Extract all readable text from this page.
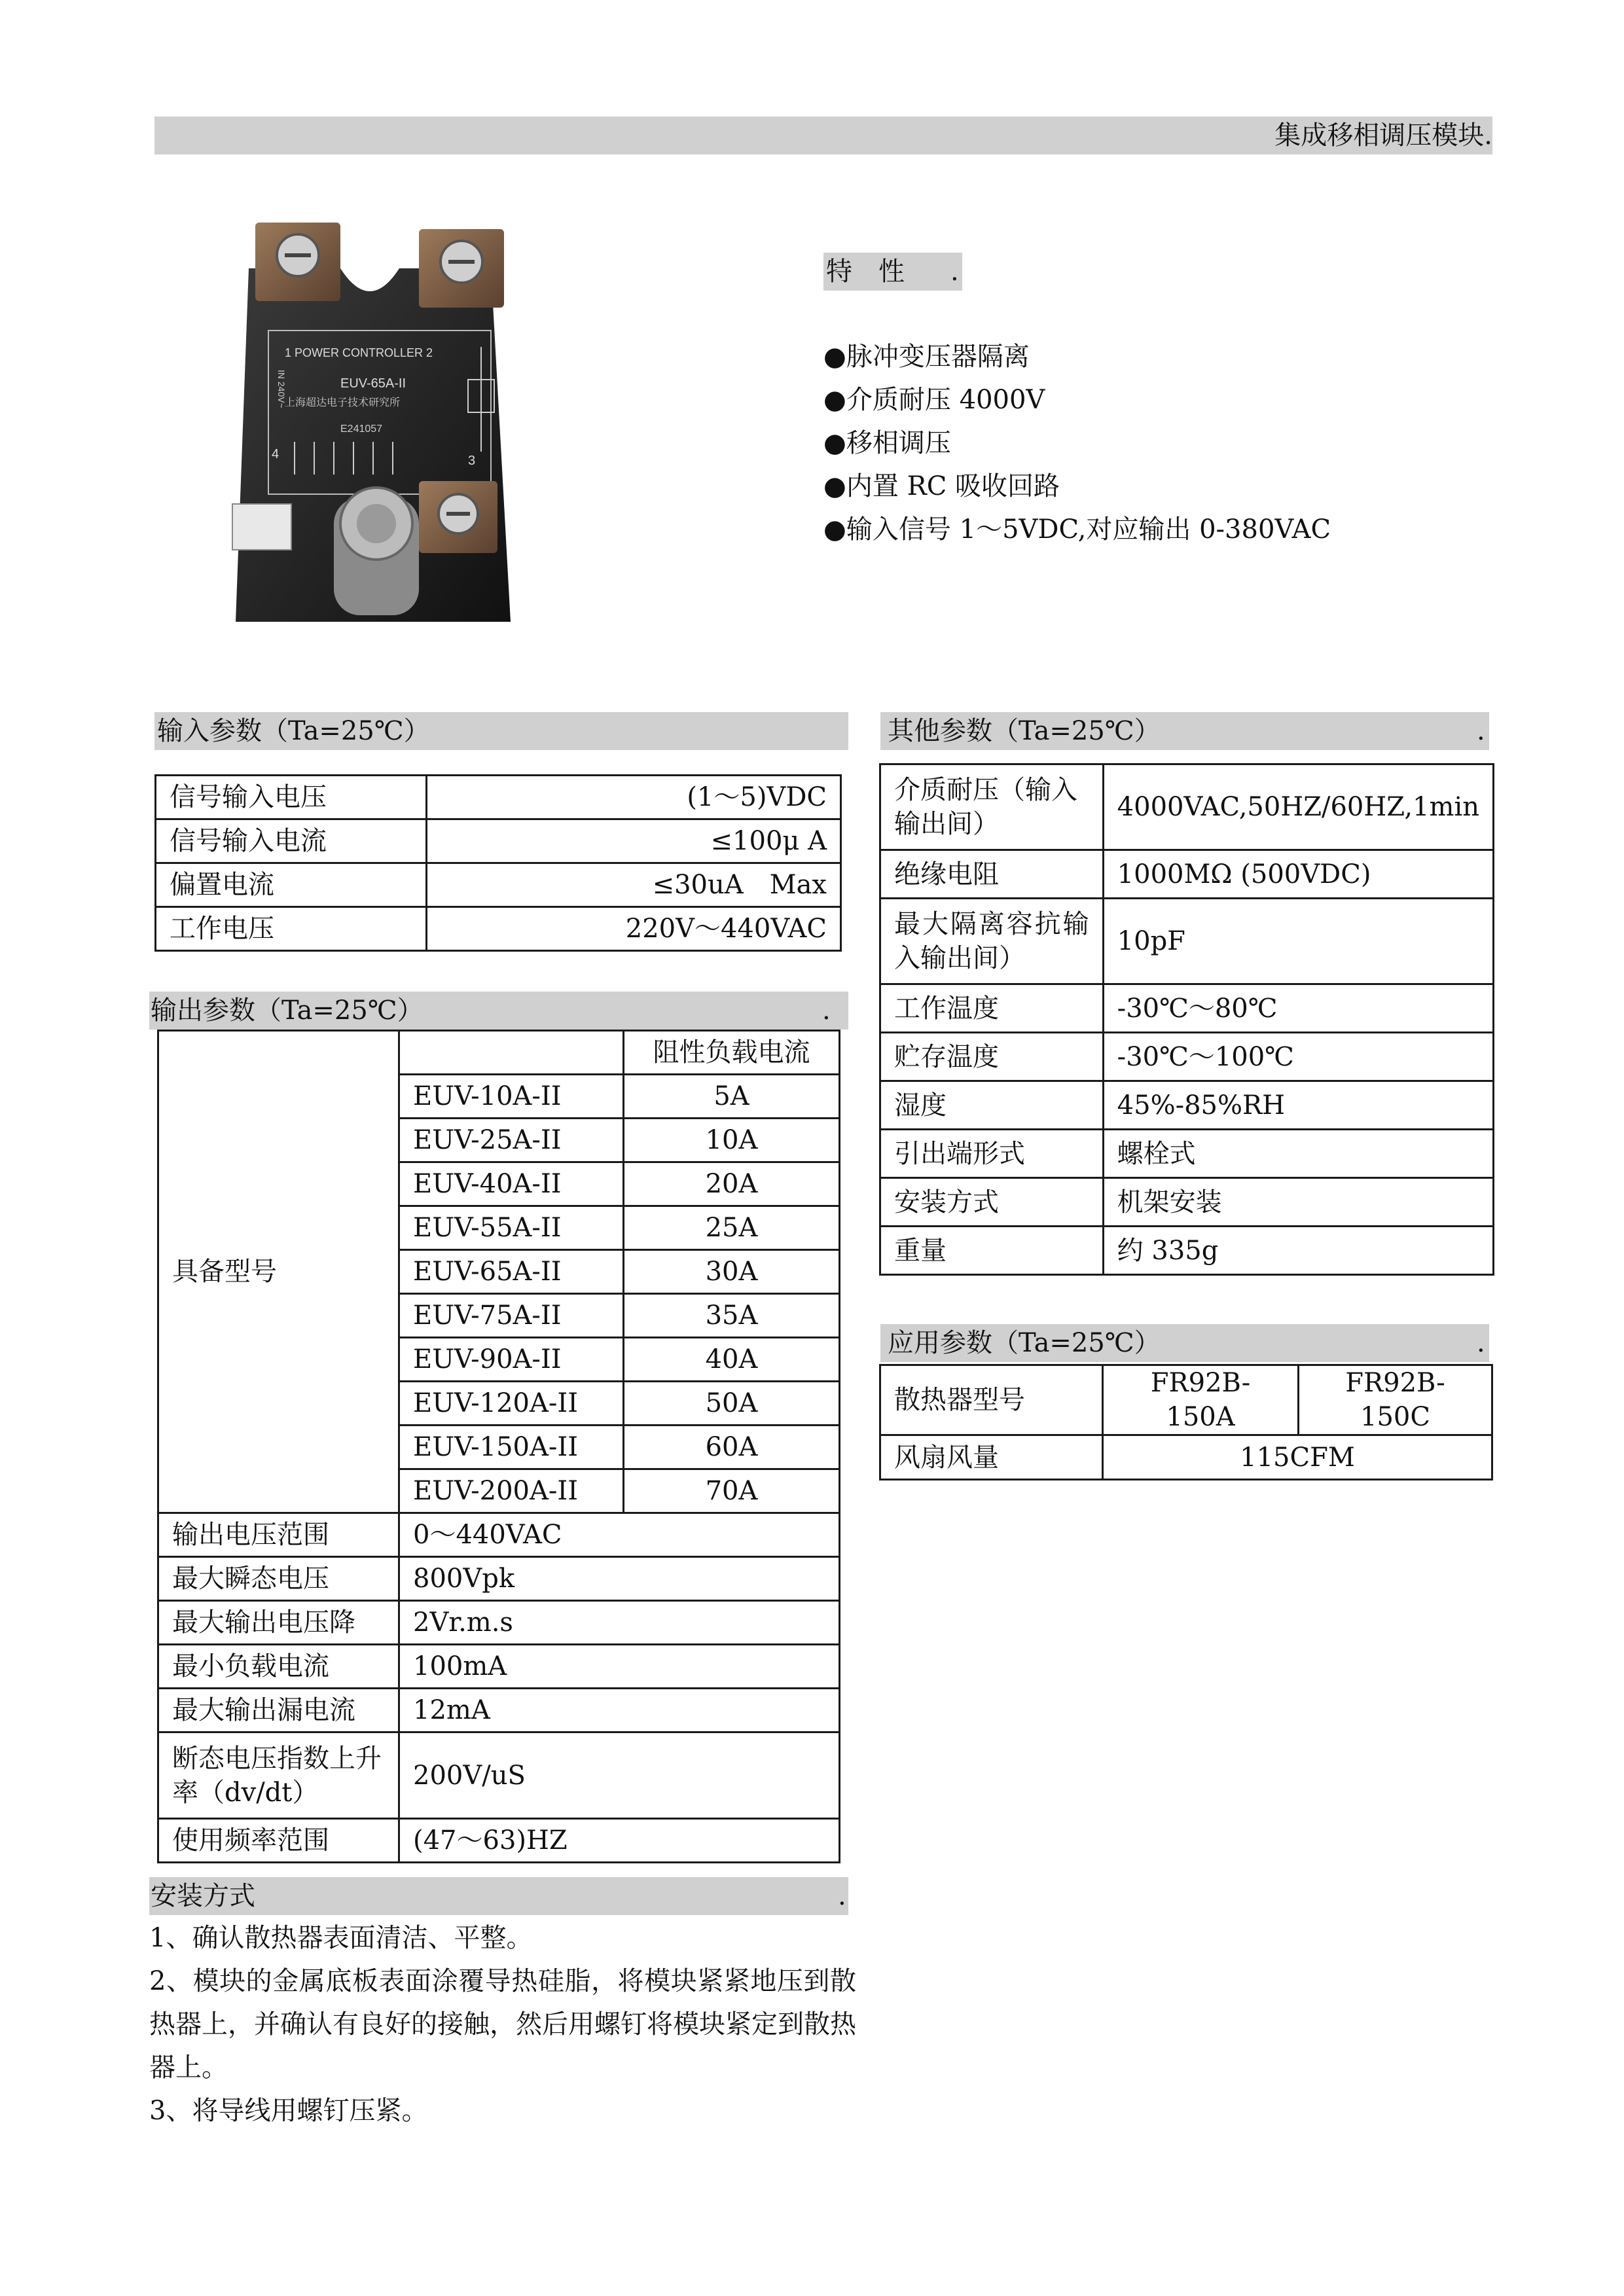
集成移相调压模块.
1 POWER CONTROLLER 2
EUV-65A-II
上海超达电子技术研究所
E241057
IN 240V~
4	3
特　性 .
●脉冲变压器隔离
●介质耐压 4000V
●移相调压
●内置 RC 吸收回路
●输入信号 1～5VDC,对应输出 0-380VAC
输入参数（Ta=25℃）
信号输入电压	(1～5)VDC
信号输入电流	≤100μ A
偏置电流	≤30uA　Max
工作电压	220V～440VAC
其他参数（Ta=25℃）	.
介质耐压（输入输出间）	4000VAC,50HZ/60HZ,1min
绝缘电阻	1000MΩ (500VDC)
最大隔离容抗输入输出间）	10pF
工作温度	-30℃～80℃
贮存温度	-30℃～100℃
湿度	45%-85%RH
引出端形式	螺栓式
安装方式	机架安装
重量	约 335g
输出参数（Ta=25℃）	.
具备型号		阻性负载电流
	EUV-10A-II	5A
	EUV-25A-II	10A
	EUV-40A-II	20A
	EUV-55A-II	25A
	EUV-65A-II	30A
	EUV-75A-II	35A
	EUV-90A-II	40A
	EUV-120A-II	50A
	EUV-150A-II	60A
	EUV-200A-II	70A
输出电压范围	0～440VAC	
最大瞬态电压	800Vpk	
最大输出电压降	2Vr.m.s	
最小负载电流	100mA	
最大输出漏电流	12mA	
断态电压指数上升率（dv/dt）	200V/uS	
使用频率范围	(47～63)HZ	
应用参数（Ta=25℃）	.
散热器型号	FR92B-150A	FR92B-150C
风扇风量	115CFM	
安装方式	.
1、确认散热器表面清洁、平整。
2、模块的金属底板表面涂覆导热硅脂，将模块紧紧地压到散热器上，并确认有良好的接触，然后用螺钉将模块紧定到散热器上。
3、将导线用螺钉压紧。
